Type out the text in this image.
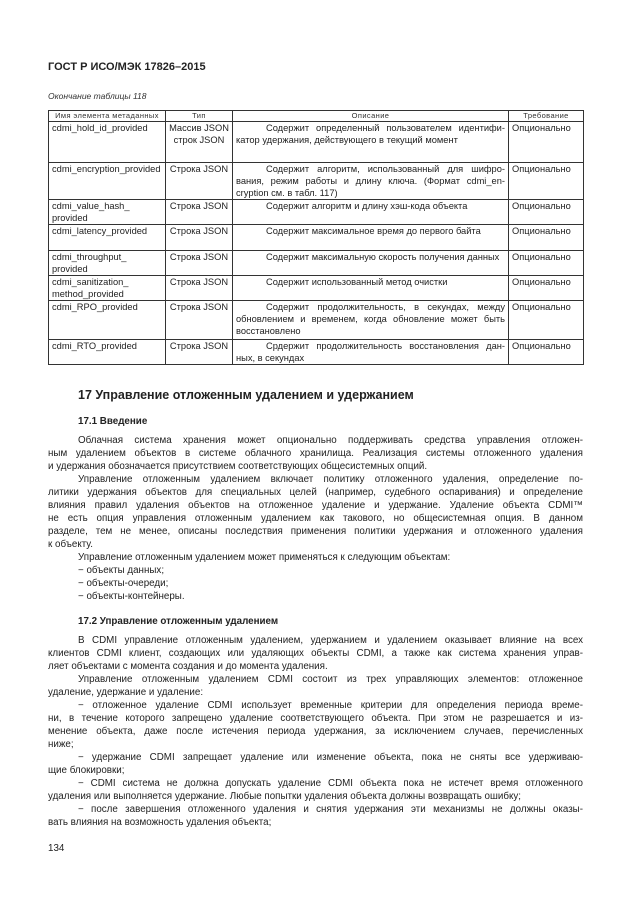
ГОСТ Р ИСО/МЭК 17826–2015
Окончание таблицы 118
Имя элемента метаданных	Тип	Описание	Требование
cdmi_hold_id_provided	Массив JSON строк JSON	Содержит определенный пользователем идентификатор удержания, действующего в текущий момент	Опционально
cdmi_encryption_provided	Строка JSON	Содержит алгоритм, использованный для шифрования, режим работы и длину ключа. (Формат cdmi_encryption см. в табл. 117)	Опционально
cdmi_value_hash_ provided	Строка JSON	Содержит алгоритм и длину хэш-кода объекта	Опционально
cdmi_latency_provided	Строка JSON	Содержит максимальное время до первого байта	Опционально
cdmi_throughput_ provided	Строка JSON	Содержит максимальную скорость получения данных	Опционально
cdmi_sanitization_ method_provided	Строка JSON	Содержит использованный метод очистки	Опционально
cdmi_RPO_provided	Строка JSON	Содержит продолжительность, в секундах, между обновлением и временем, когда обновление может быть восстановлено	Опционально
cdmi_RTO_provided	Строка JSON	Срдержит продолжительность восстановления данных, в секундах	Опционально
17 Управление отложенным удалением и удержанием
17.1 Введение
Облачная система хранения может опционально поддерживать средства управления отложен-
ным удалением объектов в системе облачного хранилища. Реализация системы отложенного удаления
и удержания обозначается присутствием соответствующих общесистемных опций.
Управление отложенным удалением включает политику отложенного удаления, определение по-
литики удержания объектов для специальных целей (например, судебного оспаривания) и определение
влияния правил удаления объектов на отложенное удаление и удержание. Удаление объекта CDMI™
не есть опция управления отложенным удалением как такового, но общесистемная опция. В данном
разделе, тем не менее, описаны последствия применения политики удержания и отложенного удаления
к объекту.
Управление отложенным удалением может применяться к следующим объектам:
− объекты данных;
− объекты-очереди;
− объекты-контейнеры.
17.2 Управление отложенным удалением
В CDMI управление отложенным удалением, удержанием и удалением оказывает влияние на всех
клиентов CDMI клиент, создающих или удаляющих объекты CDMI, а также как система хранения управ-
ляет объектами с момента создания и до момента удаления.
Управление отложенным удалением CDMI состоит из трех управляющих элементов: отложенное
удаление, удержание и удаление:
− отложенное удаление CDMI использует временные критерии для определения периода време-
ни, в течение которого запрещено удаление соответствующего объекта. При этом не разрешается и из-
менение объекта, даже после истечения периода удержания, за исключением случаев, перечисленных
ниже;
− удержание CDMI запрещает удаление или изменение объекта, пока не сняты все удерживаю-
щие блокировки;
− CDMI система не должна допускать удаление CDMI объекта пока не истечет время отложенного
удаления или выполняется удержание. Любые попытки удаления объекта должны возвращать ошибку;
− после завершения отложенного удаления и снятия удержания эти механизмы не должны оказы-
вать влияния на возможность удаления объекта;
134
